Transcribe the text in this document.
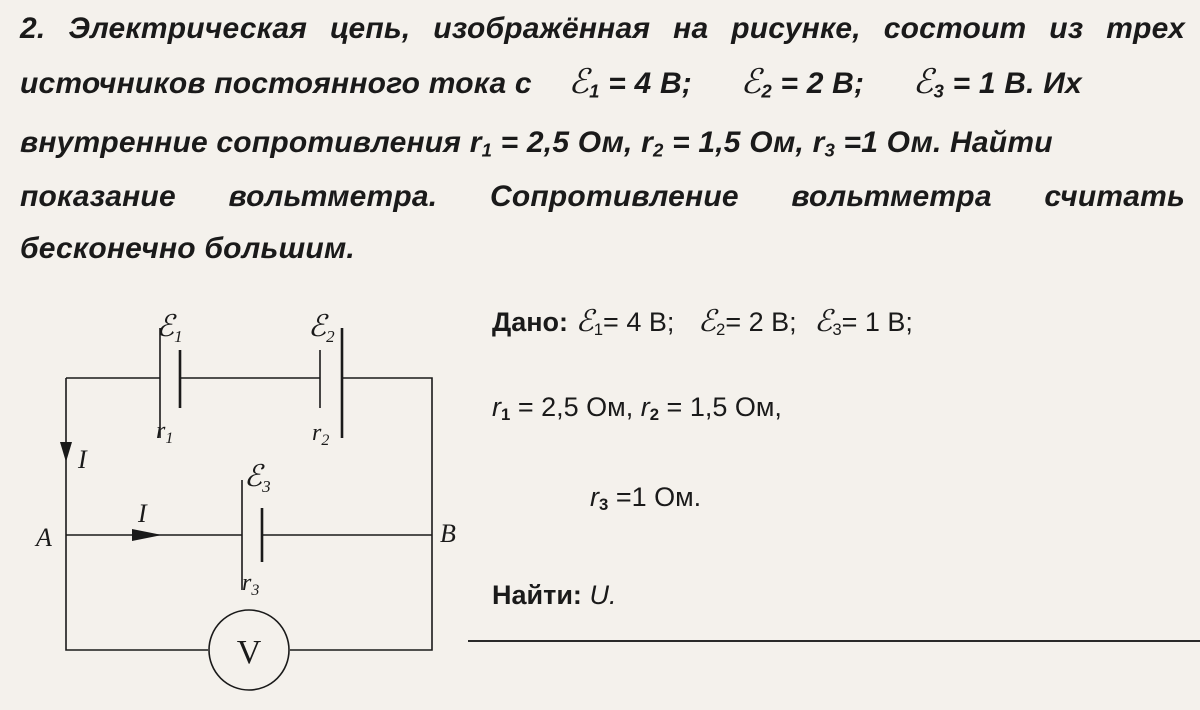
2. Электрическая цепь, изображённая на рисунке, состоит из трех
источников постоянного тока с ℰ$_1$ = 4 В; ℰ$_2$ = 2 В; ℰ$_3$ = 1 В. Их
внутренние сопротивления $r_1 = 2,5$ Ом, $r_2 = 1,5$ Ом, $r_3 =1$ Ом. Найти
показание вольтметра. Сопротивление вольтметра считать
бесконечно большим.
ℰ$_1$	ℰ$_2$
ℰ$_3$
$r_1$	$r_2$
$r_3$
I
I
A	B
V
Дано: ℰ$_1$= 4 В; ℰ$_2$= 2 В; ℰ$_3$= 1 В;
$r_1 = 2,5$ Ом, $r_2 = 1,5$ Ом,
$r_3 =1$ Ом.
Найти: U.
